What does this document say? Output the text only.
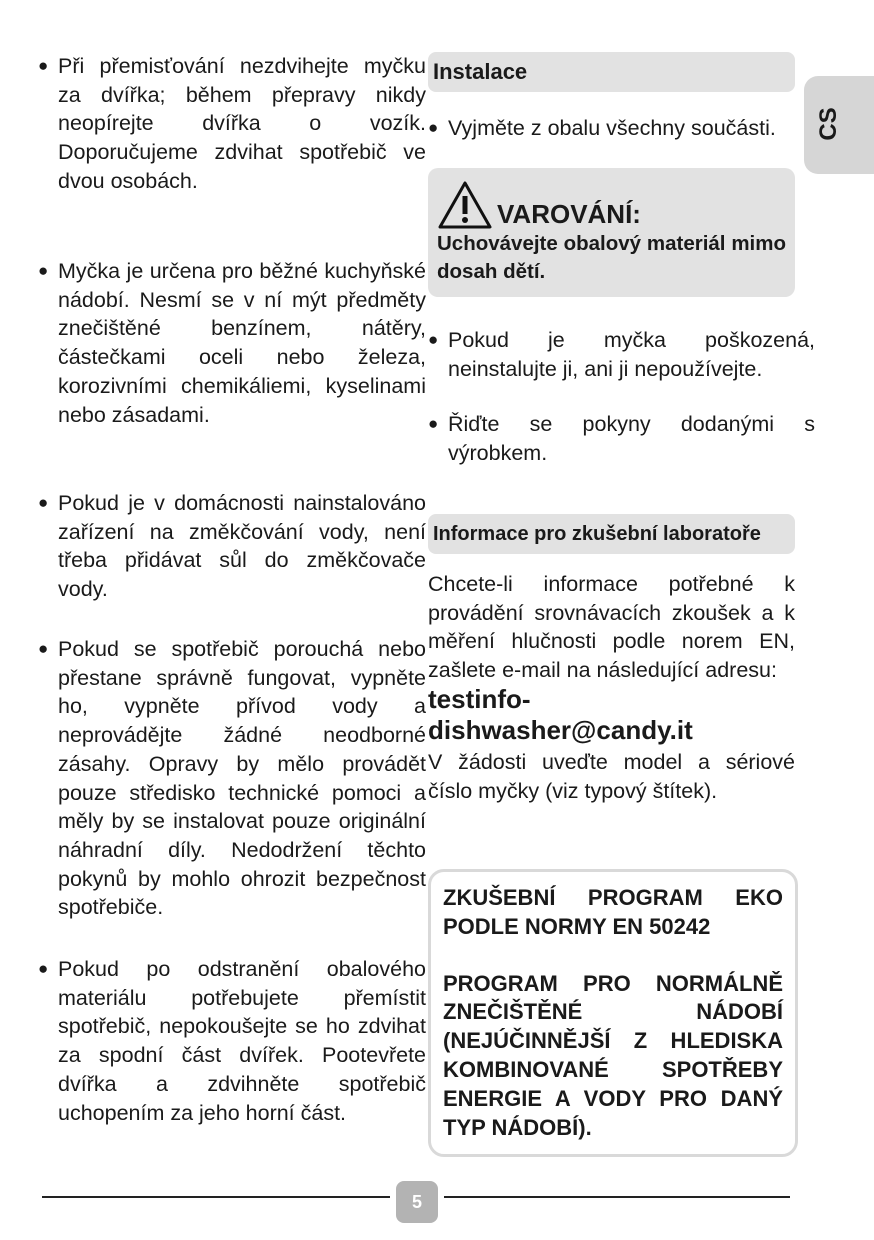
● Při přemisťování nezdvihejte myčku za dvířka; během přepravy nikdy neopírejte dvířka o vozík. Doporučujeme zdvihat spotřebič ve dvou osobách.
● Myčka je určena pro běžné kuchyňské nádobí. Nesmí se v ní mýt předměty znečištěné benzínem, nátěry, částečkami oceli nebo železa, korozivními chemikáliemi, kyselinami nebo zásadami.
● Pokud je v domácnosti nainstalováno zařízení na změkčování vody, není třeba přidávat sůl do změkčovače vody.
● Pokud se spotřebič porouchá nebo přestane správně fungovat, vypněte ho, vypněte přívod vody a neprovádějte žádné neodborné zásahy. Opravy by mělo provádět pouze středisko technické pomoci a měly by se instalovat pouze originální náhradní díly. Nedodržení těchto pokynů by mohlo ohrozit bezpečnost spotřebiče.
● Pokud po odstranění obalového materiálu potřebujete přemístit spotřebič, nepokoušejte se ho zdvihat za spodní část dvířek. Pootevřete dvířka a zdvihněte spotřebič uchopením za jeho horní část.
Instalace
● Vyjměte z obalu všechny součásti.
VAROVÁNÍ:
Uchovávejte obalový materiál mimo dosah dětí.
● Pokud je myčka poškozená, neinstalujte ji, ani ji nepoužívejte.
● Řiďte se pokyny dodanými s výrobkem.
Informace pro zkušební laboratoře
Chcete-li informace potřebné k provádění srovnávacích zkoušek a k měření hlučnosti podle norem EN, zašlete e-mail na následující adresu:
testinfo-dishwasher@candy.it
V žádosti uveďte model a sériové číslo myčky (viz typový štítek).

ZKUŠEBNÍ PROGRAM EKO PODLE NORMY EN 50242

PROGRAM PRO NORMÁLNĚ ZNEČIŠTĚNÉ NÁDOBÍ (NEJÚČINNĚJŠÍ Z HLEDISKA KOMBINOVANÉ SPOTŘEBY ENERGIE A VODY PRO DANÝ TYP NÁDOBÍ).

CS
5
